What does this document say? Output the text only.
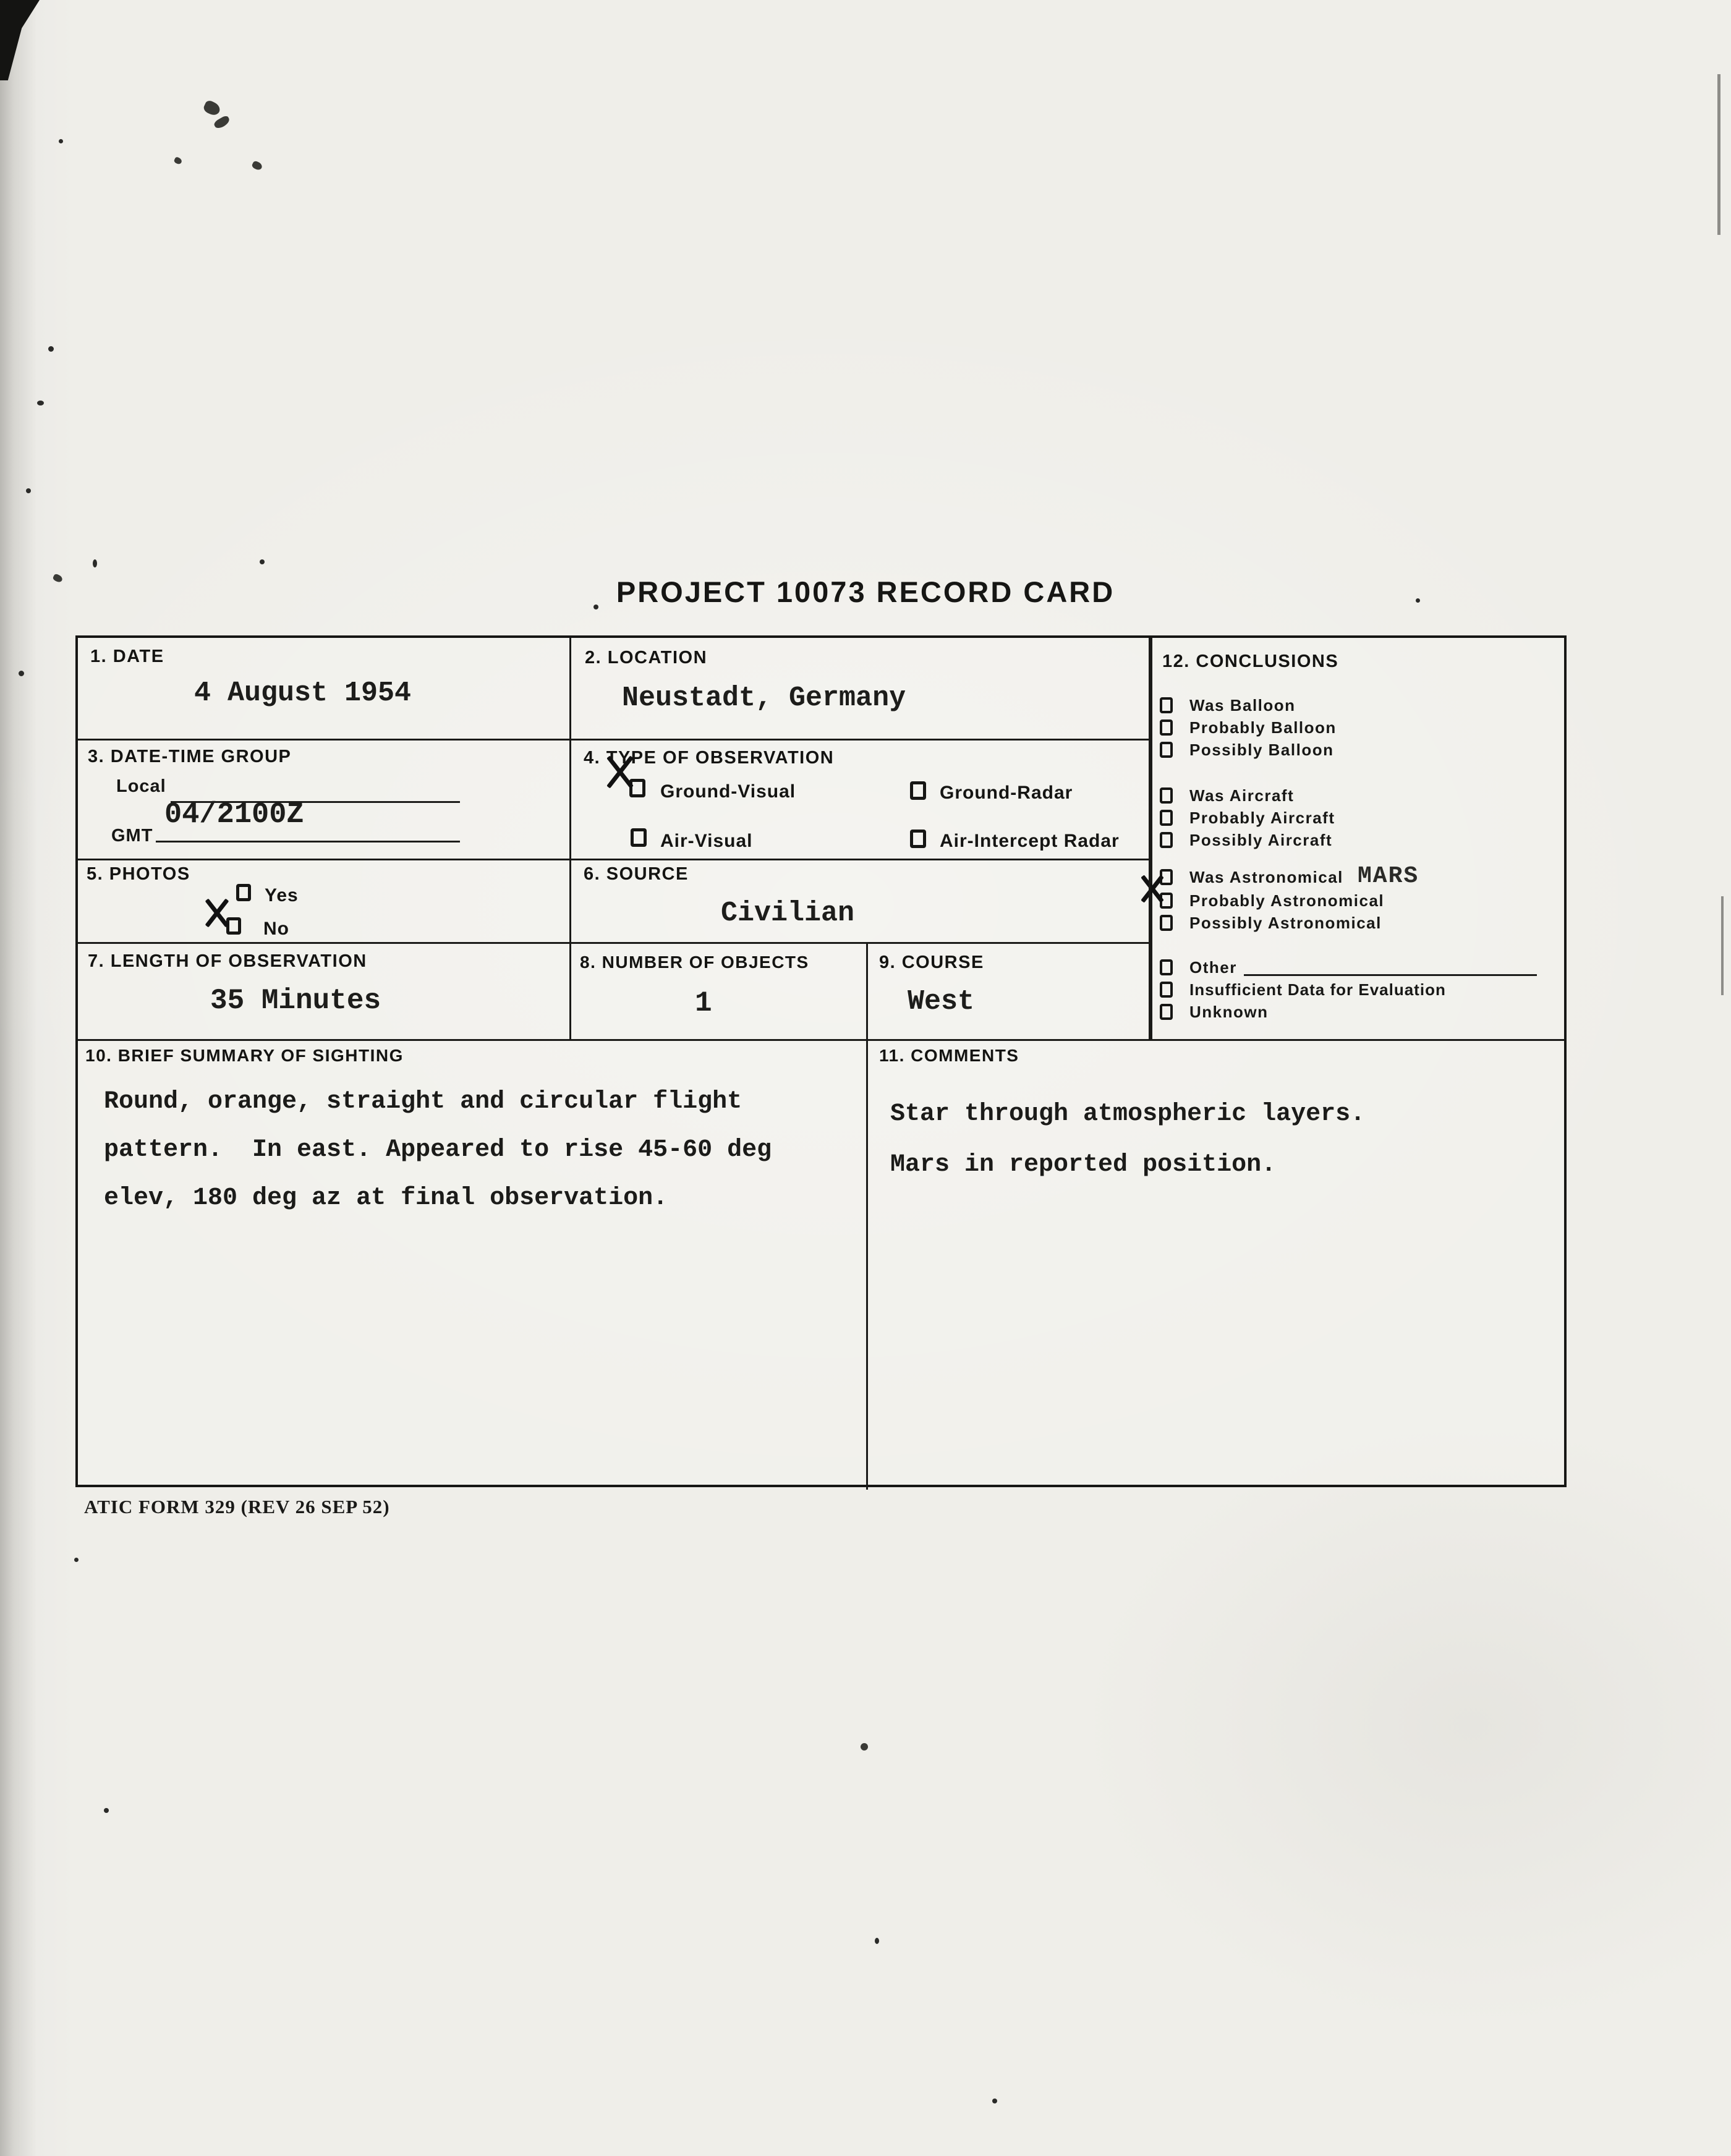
PROJECT 10073 RECORD CARD
1. DATE
4 August 1954
2. LOCATION
Neustadt, Germany
12. CONCLUSIONS
Was Balloon
Probably Balloon
Possibly Balloon
Was Aircraft
Probably Aircraft
Possibly Aircraft
Was Astronomical MARS
Probably Astronomical
Possibly Astronomical
Other
Insufficient Data for Evaluation
Unknown
3. DATE-TIME GROUP
Local
04/2100Z
GMT
4. TYPE OF OBSERVATION
Ground-Visual	Ground-Radar
Air-Visual	Air-Intercept Radar
5. PHOTOS
Yes
No
6. SOURCE
Civilian
7. LENGTH OF OBSERVATION
35 Minutes
8. NUMBER OF OBJECTS
1
9. COURSE
West
10. BRIEF SUMMARY OF SIGHTING
Round, orange, straight and circular flight
pattern.  In east. Appeared to rise 45-60 deg
elev, 180 deg az at final observation.
11. COMMENTS
Star through atmospheric layers.
Mars in reported position.
ATIC FORM 329 (REV 26 SEP 52)
